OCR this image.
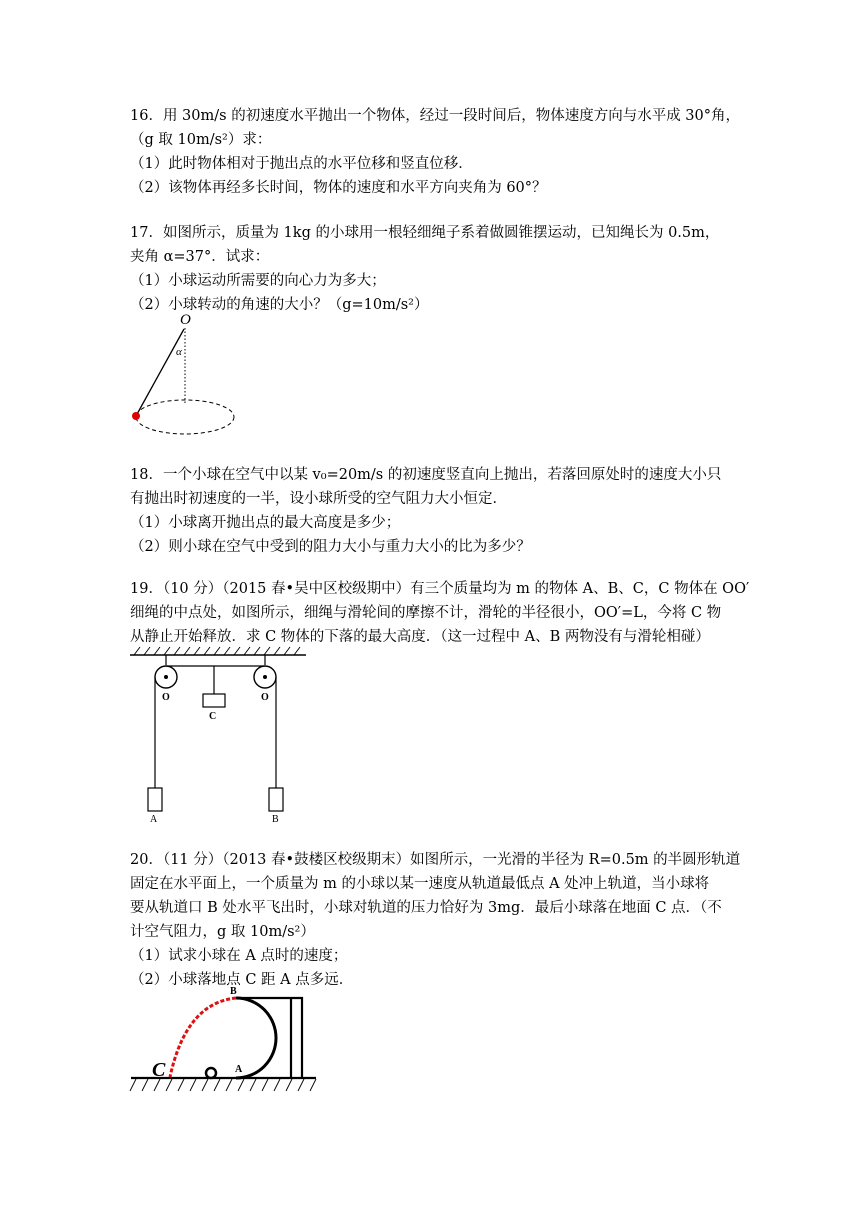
16．用 30m/s 的初速度水平抛出一个物体，经过一段时间后，物体速度方向与水平成 30°角，
（g 取 10m/s²）求：
（1）此时物体相对于抛出点的水平位移和竖直位移．
（2）该物体再经多长时间，物体的速度和水平方向夹角为 60°？
17．如图所示，质量为 1kg 的小球用一根轻细绳子系着做圆锥摆运动，已知绳长为 0.5m，
夹角 α=37°．试求：
（1）小球运动所需要的向心力为多大；
（2）小球转动的角速的大小？（g=10m/s²）
O
α
18．一个小球在空气中以某 v₀=20m/s 的初速度竖直向上抛出，若落回原处时的速度大小只
有抛出时初速度的一半，设小球所受的空气阻力大小恒定．
（1）小球离开抛出点的最大高度是多少；
（2）则小球在空气中受到的阻力大小与重力大小的比为多少？
19．（10 分）（2015 春•吴中区校级期中）有三个质量均为 m 的物体 A、B、C，C 物体在 OO′
细绳的中点处，如图所示，细绳与滑轮间的摩擦不计，滑轮的半径很小，OO′=L，今将 C 物
从静止开始释放．求 C 物体的下落的最大高度．（这一过程中 A、B 两物没有与滑轮相碰）
O	O
C
A	B
20．（11 分）（2013 春•鼓楼区校级期末）如图所示，一光滑的半径为 R=0.5m 的半圆形轨道
固定在水平面上，一个质量为 m 的小球以某一速度从轨道最低点 A 处冲上轨道，当小球将
要从轨道口 B 处水平飞出时，小球对轨道的压力恰好为 3mg．最后小球落在地面 C 点．（不
计空气阻力，g 取 10m/s²）
（1）试求小球在 A 点时的速度；
（2）小球落地点 C 距 A 点多远．
B
A
C
